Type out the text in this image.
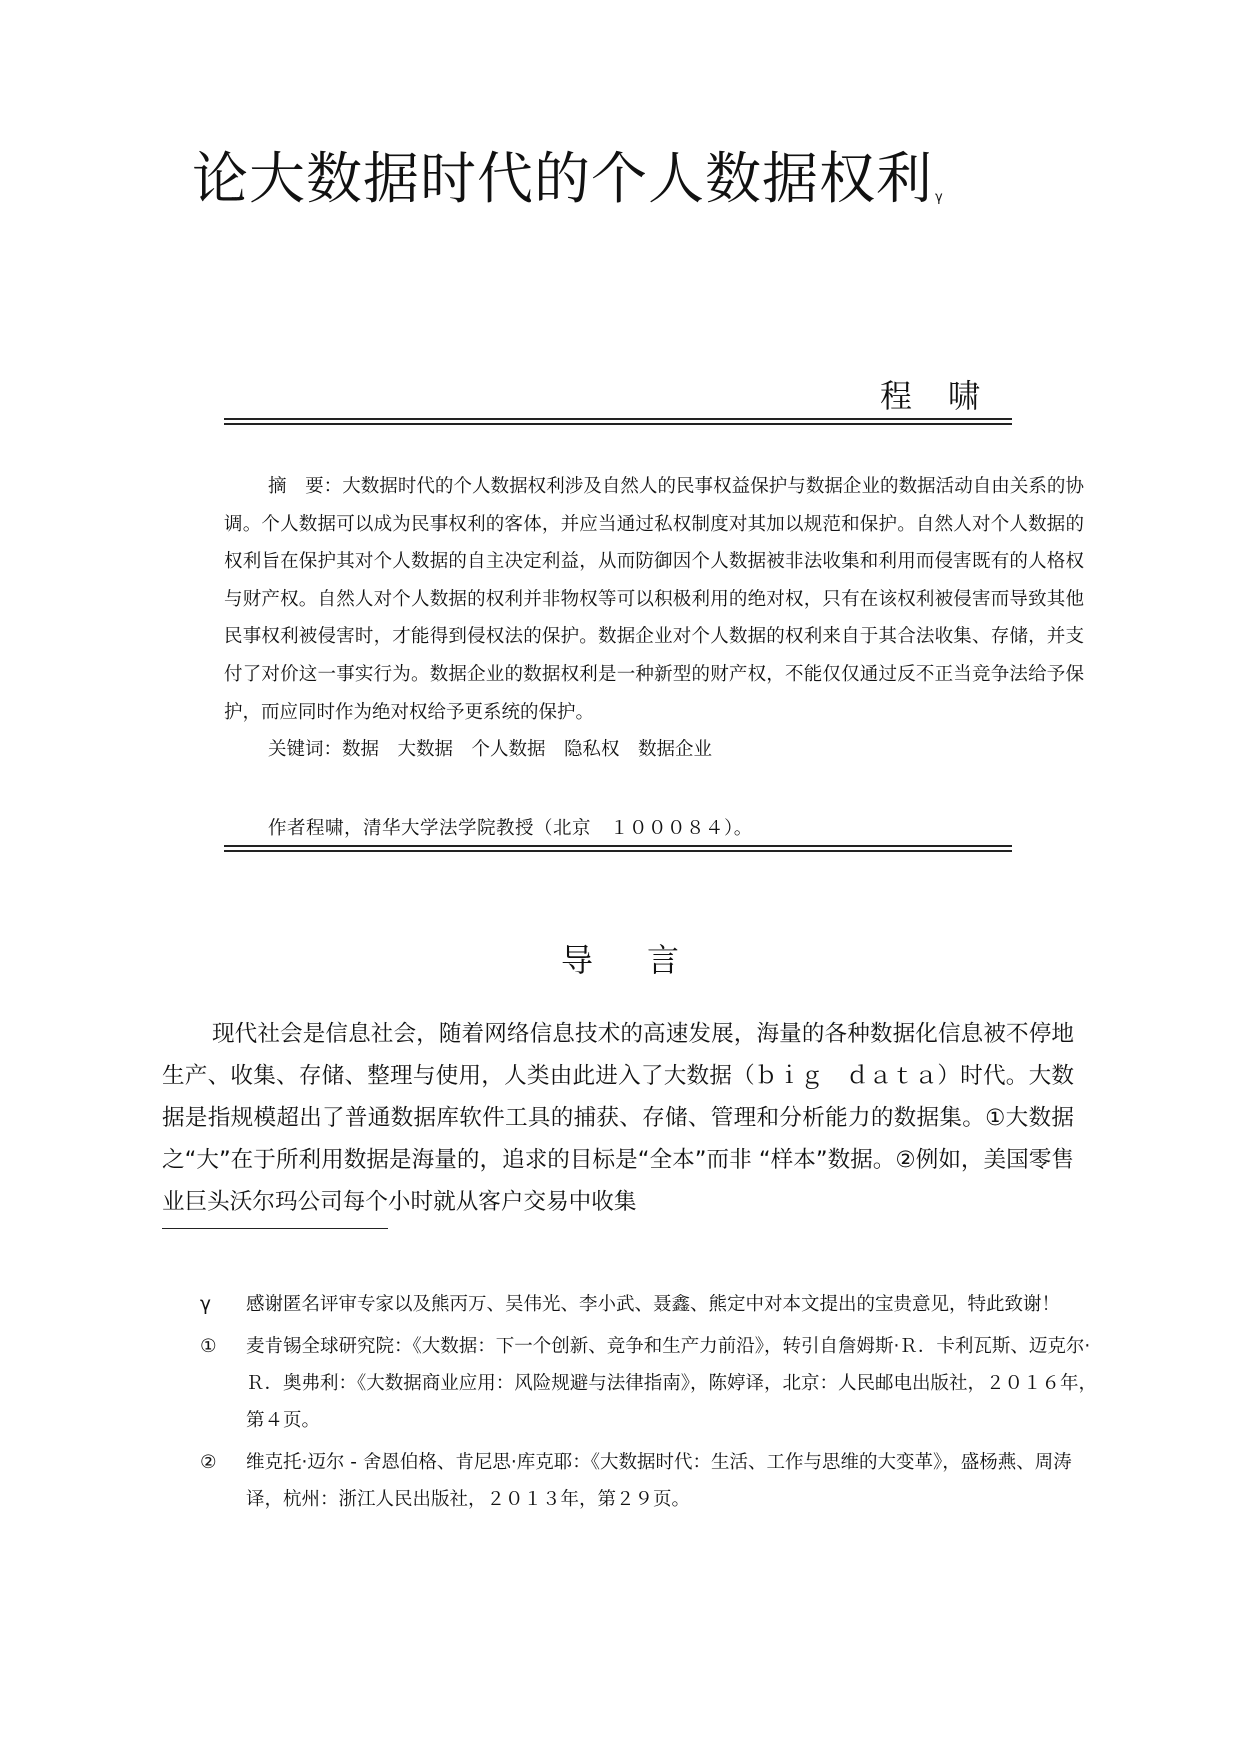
论大数据时代的个人数据权利 $^\gamma$
程啸

摘　要：大数据时代的个人数据权利涉及自然人的民事权益保护与数据企业的数据活动自由关系的协调。个人数据可以成为民事权利的客体，并应当通过私权制度对其加以规范和保护。自然人对个人数据的权利旨在保护其对个人数据的自主决定利益，从而防御因个人数据被非法收集和利用而侵害既有的人格权与财产权。自然人对个人数据的权利并非物权等可以积极利用的绝对权，只有在该权利被侵害而导致其他民事权利被侵害时，才能得到侵权法的保护。数据企业对个人数据的权利来自于其合法收集、存储，并支付了对价这一事实行为。数据企业的数据权利是一种新型的财产权，不能仅仅通过反不正当竞争法给予保护，而应同时作为绝对权给予更系统的保护。

关键词：数据　大数据　个人数据　隐私权　数据企业

作者程啸，清华大学法学院教授（北京　１０００８４）。
导言

现代社会是信息社会，随着网络信息技术的高速发展，海量的各种数据化信息被不停地生产、收集、存储、整理与使用，人类由此进入了大数据（ｂｉｇ　ｄａｔａ）时代。大数据是指规模超出了普通数据库软件工具的捕获、存储、管理和分析能力的数据集。①大数据之“大”在于所利用数据是海量的，追求的目标是“全本”而非 “样本”数据。②例如，美国零售业巨头沃尔玛公司每个小时就从客户交易中收集

γ 感谢匿名评审专家以及熊丙万、吴伟光、李小武、聂鑫、熊定中对本文提出的宝贵意见，特此致谢！
① 麦肯锡全球研究院：《大数据：下一个创新、竞争和生产力前沿》，转引自詹姆斯·Ｒ．卡利瓦斯、迈克尔·Ｒ．奥弗利：《大数据商业应用：风险规避与法律指南》，陈婷译，北京：人民邮电出版社，２０１６年，第４页。
② 维克托·迈尔 - 舍恩伯格、肯尼思·库克耶：《大数据时代：生活、工作与思维的大变革》，盛杨燕、周涛译，杭州：浙江人民出版社，２０１３年，第２９页。
